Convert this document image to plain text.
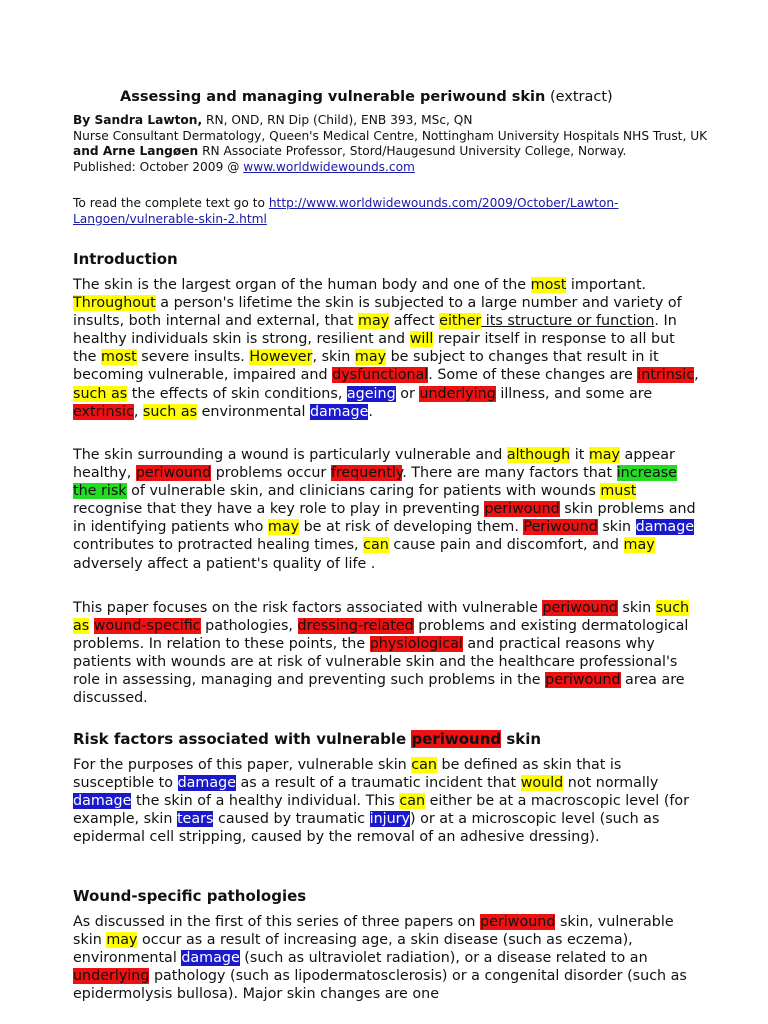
Assessing and managing vulnerable periwound skin (extract)
By Sandra Lawton, RN, OND, RN Dip (Child), ENB 393, MSc, QN
Nurse Consultant Dermatology, Queen's Medical Centre, Nottingham University Hospitals NHS Trust, UK and Arne Langøen RN Associate Professor, Stord/Haugesund University College, Norway.
Published: October 2009 @ www.worldwidewounds.com
To read the complete text go to http://www.worldwidewounds.com/2009/October/Lawton-Langoen/vulnerable-skin-2.html
Introduction

The skin is the largest organ of the human body and one of the most important. Throughout a person's lifetime the skin is subjected to a large number and variety of insults, both internal and external, that may affect either its structure or function. In healthy individuals skin is strong, resilient and will repair itself in response to all but the most severe insults. However, skin may be subject to changes that result in it becoming vulnerable, impaired and dysfunctional. Some of these changes are intrinsic, such as the effects of skin conditions, ageing or underlying illness, and some are extrinsic, such as environmental damage.

The skin surrounding a wound is particularly vulnerable and although it may appear healthy, periwound problems occur frequently. There are many factors that increase the risk of vulnerable skin, and clinicians caring for patients with wounds must recognise that they have a key role to play in preventing periwound skin problems and in identifying patients who may be at risk of developing them. Periwound skin damage contributes to protracted healing times, can cause pain and discomfort, and may adversely affect a patient's quality of life .

This paper focuses on the risk factors associated with vulnerable periwound skin such as wound-specific pathologies, dressing-related problems and existing dermatological problems. In relation to these points, the physiological and practical reasons why patients with wounds are at risk of vulnerable skin and the healthcare professional's role in assessing, managing and preventing such problems in the periwound area are discussed.

Risk factors associated with vulnerable periwound skin

For the purposes of this paper, vulnerable skin can be defined as skin that is susceptible to damage as a result of a traumatic incident that would not normally damage the skin of a healthy individual. This can either be at a macroscopic level (for example, skin tears caused by traumatic injury) or at a microscopic level (such as epidermal cell stripping, caused by the removal of an adhesive dressing).

Wound-specific pathologies

As discussed in the first of this series of three papers on periwound skin, vulnerable skin may occur as a result of increasing age, a skin disease (such as eczema), environmental damage (such as ultraviolet radiation), or a disease related to an underlying pathology (such as lipodermatosclerosis) or a congenital disorder (such as epidermolysis bullosa). Major skin changes are one
